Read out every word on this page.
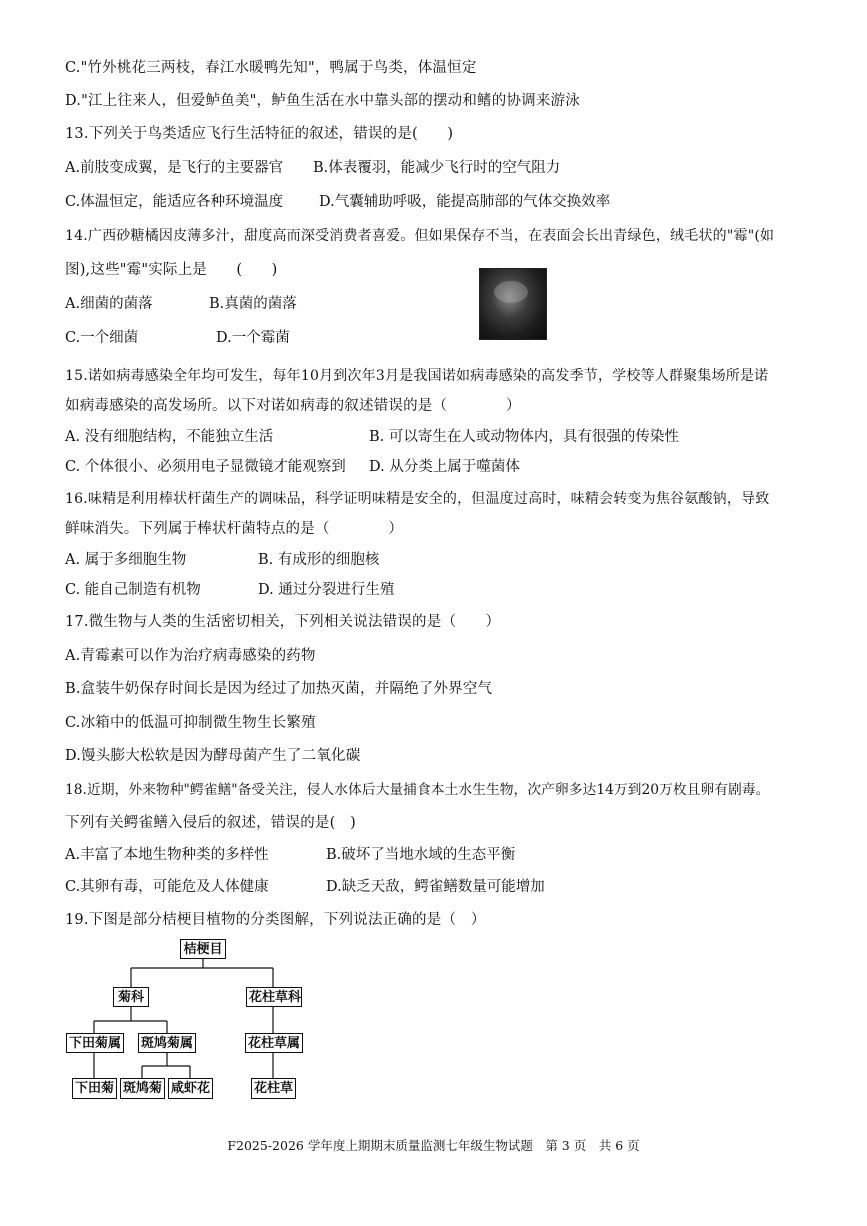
C."竹外桃花三两枝，春江水暖鸭先知"，鸭属于鸟类，体温恒定
D."江上往来人，但爱鲈鱼美"，鲈鱼生活在水中靠头部的摆动和鳍的协调来游泳
13.下列关于鸟类适应飞行生活特征的叙述，错误的是(　　)
A.前肢变成翼，是飞行的主要器官 B.体表覆羽，能减少飞行时的空气阻力
C.体温恒定，能适应各种环境温度 D.气囊辅助呼吸，能提高肺部的气体交换效率
14.广西砂糖橘因皮薄多汁，甜度高而深受消费者喜爱。但如果保存不当，在表面会长出青绿色，绒毛状的"霉"(如
图),这些"霉"实际上是　　(　　)
A.细菌的菌落	B.真菌的菌落
C.一个细菌	D.一个霉菌
15.诺如病毒感染全年均可发生，每年10月到次年3月是我国诺如病毒感染的高发季节，学校等人群聚集场所是诺
如病毒感染的高发场所。以下对诺如病毒的叙述错误的是（　　　　）
A. 没有细胞结构，不能独立生活	B. 可以寄生在人或动物体内，具有很强的传染性
C. 个体很小、必须用电子显微镜才能观察到 D. 从分类上属于噬菌体
16.味精是利用棒状杆菌生产的调味品，科学证明味精是安全的，但温度过高时，味精会转变为焦谷氨酸钠，导致
鲜味消失。下列属于棒状杆菌特点的是（　　　　）
A. 属于多细胞生物	B. 有成形的细胞核
C. 能自己制造有机物	D. 通过分裂进行生殖
17.微生物与人类的生活密切相关，下列相关说法错误的是（　　）
A.青霉素可以作为治疗病毒感染的药物
B.盒装牛奶保存时间长是因为经过了加热灭菌，并隔绝了外界空气
C.冰箱中的低温可抑制微生物生长繁殖
D.馒头膨大松软是因为酵母菌产生了二氧化碳
18.近期，外来物种"鳄雀鳝"备受关注，侵人水体后大量捕食本土水生生物，次产卵多达14万到20万枚且卵有剧毒。
下列有关鳄雀鳝入侵后的叙述，错误的是(　)
A.丰富了本地生物种类的多样性	B.破坏了当地水域的生态平衡
C.其卵有毒，可能危及人体健康	D.缺乏天敌，鳄雀鳝数量可能增加
19.下图是部分桔梗目植物的分类图解，下列说法正确的是（　）
桔梗目
菊科	花柱草科
下田菊属 斑鸠菊属	花柱草属
下田菊 斑鸠菊 咸虾花	花柱草
F2025-2026 学年度上期期末质量监测七年级生物试题　第 3 页　共 6 页
